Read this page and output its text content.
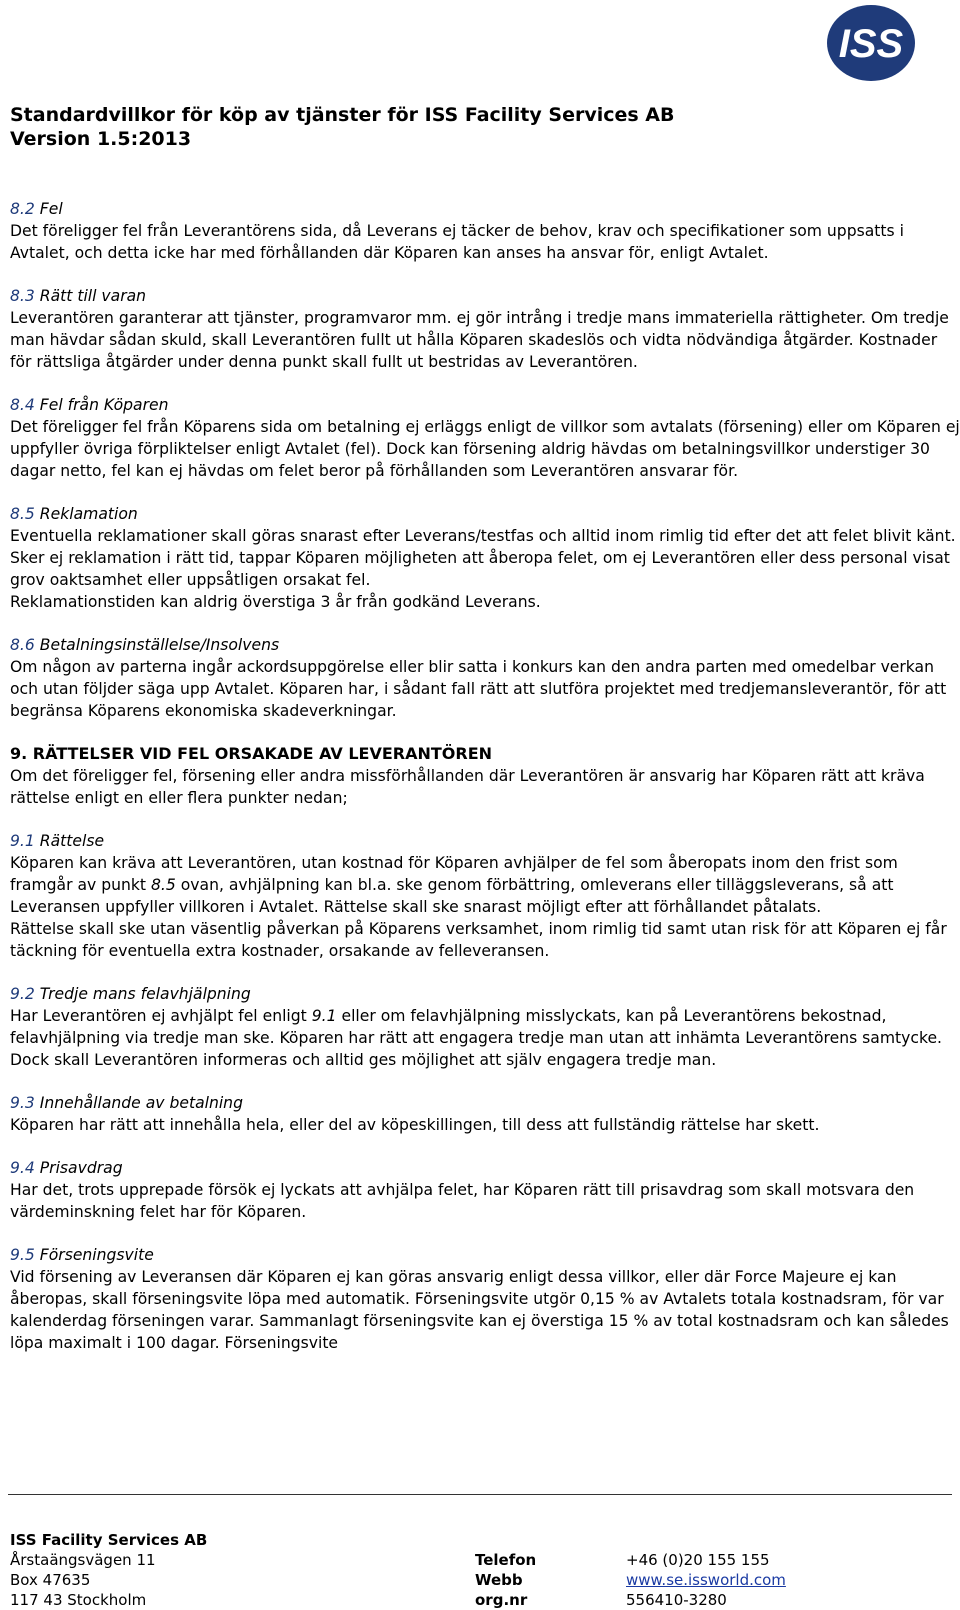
ISS
Standardvillkor för köp av tjänster för ISS Facility Services AB
Version 1.5:2013

8.2 Fel

Det föreligger fel från Leverantörens sida, då Leverans ej täcker de behov, krav och specifikationer som uppsatts i Avtalet, och detta icke har med förhållanden där Köparen kan anses ha ansvar för, enligt Avtalet.

8.3 Rätt till varan

Leverantören garanterar att tjänster, programvaror mm. ej gör intrång i tredje mans immateriella rättigheter. Om tredje man hävdar sådan skuld, skall Leverantören fullt ut hålla Köparen skadeslös och vidta nödvändiga åtgärder. Kostnader för rättsliga åtgärder under denna punkt skall fullt ut bestridas av Leverantören.

8.4 Fel från Köparen

Det föreligger fel från Köparens sida om betalning ej erläggs enligt de villkor som avtalats (försening) eller om Köparen ej uppfyller övriga förpliktelser enligt Avtalet (fel). Dock kan försening aldrig hävdas om betalningsvillkor understiger 30 dagar netto, fel kan ej hävdas om felet beror på förhållanden som Leverantören ansvarar för.

8.5 Reklamation

Eventuella reklamationer skall göras snarast efter Leverans/testfas och alltid inom rimlig tid efter det att felet blivit känt. Sker ej reklamation i rätt tid, tappar Köparen möjligheten att åberopa felet, om ej Leverantören eller dess personal visat grov oaktsamhet eller uppsåtligen orsakat fel.

Reklamationstiden kan aldrig överstiga 3 år från godkänd Leverans.

8.6 Betalningsinställelse/Insolvens

Om någon av parterna ingår ackordsuppgörelse eller blir satta i konkurs kan den andra parten med omedelbar verkan och utan följder säga upp Avtalet. Köparen har, i sådant fall rätt att slutföra projektet med tredjemansleverantör, för att begränsa Köparens ekonomiska skadeverkningar.

9. RÄTTELSER VID FEL ORSAKADE AV LEVERANTÖREN

Om det föreligger fel, försening eller andra missförhållanden där Leverantören är ansvarig har Köparen rätt att kräva rättelse enligt en eller flera punkter nedan;

9.1 Rättelse

Köparen kan kräva att Leverantören, utan kostnad för Köparen avhjälper de fel som åberopats inom den frist som framgår av punkt 8.5 ovan, avhjälpning kan bl.a. ske genom förbättring, omleverans eller tilläggsleverans, så att Leveransen uppfyller villkoren i Avtalet. Rättelse skall ske snarast möjligt efter att förhållandet påtalats.

Rättelse skall ske utan väsentlig påverkan på Köparens verksamhet, inom rimlig tid samt utan risk för att Köparen ej får täckning för eventuella extra kostnader, orsakande av felleveransen.

9.2 Tredje mans felavhjälpning

Har Leverantören ej avhjälpt fel enligt 9.1 eller om felavhjälpning misslyckats, kan på Leverantörens bekostnad, felavhjälpning via tredje man ske. Köparen har rätt att engagera tredje man utan att inhämta Leverantörens samtycke. Dock skall Leverantören informeras och alltid ges möjlighet att själv engagera tredje man.

9.3 Innehållande av betalning

Köparen har rätt att innehålla hela, eller del av köpeskillingen, till dess att fullständig rättelse har skett.

9.4 Prisavdrag

Har det, trots upprepade försök ej lyckats att avhjälpa felet, har Köparen rätt till prisavdrag som skall motsvara den värdeminskning felet har för Köparen.

9.5 Förseningsvite

Vid försening av Leveransen där Köparen ej kan göras ansvarig enligt dessa villkor, eller där Force Majeure ej kan åberopas, skall förseningsvite löpa med automatik. Förseningsvite utgör 0,15 % av Avtalets totala kostnadsram, för var kalenderdag förseningen varar. Sammanlagt förseningsvite kan ej överstiga 15 % av total kostnadsram och kan således löpa maximalt i 100 dagar. Förseningsvite

ISS Facility Services AB
Årstaängsvägen 11
Box 47635
117 43 Stockholm
Telefon
Webb
org.nr
+46 (0)20 155 155
www.se.issworld.com
556410-3280
